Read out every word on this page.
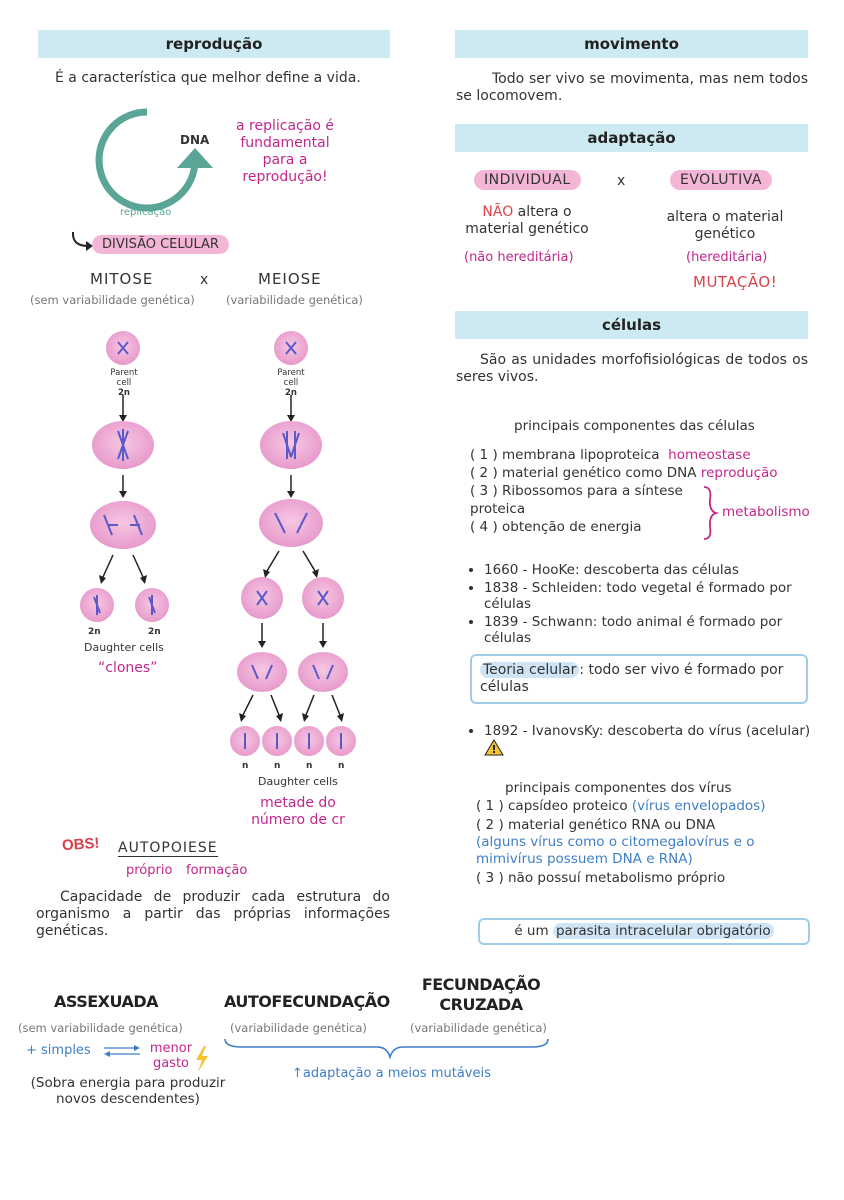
reprodução
É a característica que melhor define a vida.
DNA
replicação
a replicação é
fundamental
para a
reprodução!
DIVISÃO CELULAR
MITOSE	x	MEIOSE
(sem variabilidade genética)	(variabilidade genética)
Parent cell
2n
2n	2n
Daughter cells
“clones”
Parent cell
2n
n	n	n	n
Daughter cells
metade do
número de cr
OBS! AUTOPOIESE
próprio formação
Capacidade de produzir cada estrutura do organismo a partir das próprias informações genéticas.
movimento
Todo ser vivo se movimenta, mas nem todos se locomovem.
adaptação
INDIVIDUAL	x	EVOLUTIVA
NÃO altera o
material genético
altera o material
genético
(não hereditária)	(hereditária)
MUTAÇÃO!
células
São as unidades morfofisiológicas de todos os seres vivos.
principais componentes das células
( 1 ) membrana lipoproteica homeostase
( 2 ) material genético como DNA reprodução
( 3 ) Ribossomos para a síntese
proteica
( 4 ) obtenção de energia
metabolismo
• 1660 - HooKe: descoberta das células
• 1838 - Schleiden: todo vegetal é formado por células
• 1839 - Schwann: todo animal é formado por células
Teoria celular : todo ser vivo é formado por células
• 1892 - IvanovsKy: descoberta do vírus (acelular)
principais componentes dos vírus
( 1 ) capsídeo proteico (vírus envelopados)
( 2 ) material genético RNA ou DNA
(alguns vírus como o citomegalovírus e o mimivírus possuem DNA e RNA)
( 3 ) não possuí metabolismo próprio
é um parasita intracelular obrigatório
ASSEXUADA	AUTOFECUNDAÇÃO
FECUNDAÇÃO
CRUZADA
(sem variabilidade genética)	(variabilidade genética)	(variabilidade genética)
+ simples ⇌ menor
gasto
(Sobra energia para produzir novos descendentes)
↑adaptação a meios mutáveis
